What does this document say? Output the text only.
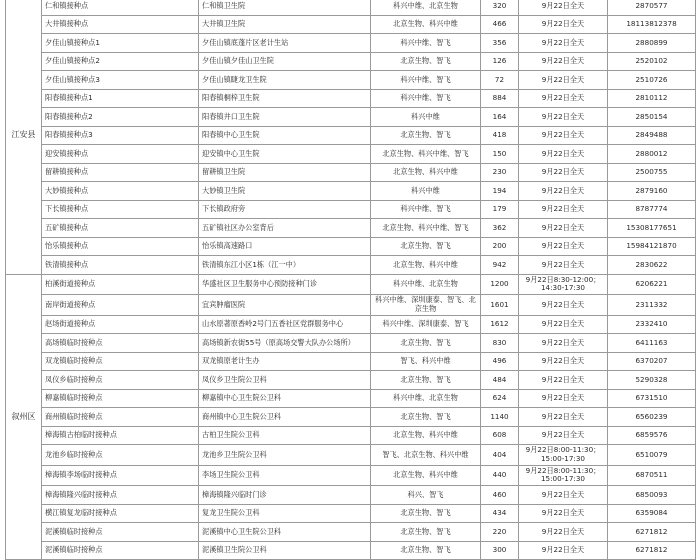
江安县	仁和镇接种点	仁和镇卫生院	科兴中维、北京生物	320	9月22日全天	2870577
	大井镇接种点	大井镇卫生院	北京生物、科兴中维	466	9月22日全天	18113812378
	夕佳山镇接种点1	夕佳山镇底蓬片区老计生站	科兴中维、智飞	356	9月22日全天	2880899
	夕佳山镇接种点2	夕佳山镇夕佳山卫生院	北京生物、智飞	126	9月22日全天	2520102
	夕佳山镇接种点3	夕佳山镇睫龙卫生院	科兴中维、智飞	72	9月22日全天	2510726
	阳春镇接种点1	阳春镇桐梓卫生院	科兴中维、智飞	884	9月22日全天	2810112
	阳春镇接种点2	阳春镇井口卫生院	科兴中维	164	9月22日全天	2850154
	阳春镇接种点3	阳春镇中心卫生院	北京生物、智飞	418	9月22日全天	2849488
	迎安镇接种点	迎安镇中心卫生院	北京生物、科兴中维、智飞	150	9月22日全天	2880012
	留耕镇接种点	留耕镇卫生院	北京生物、科兴中维	230	9月22日全天	2500755
	大妙镇接种点	大妙镇卫生院	科兴中维	194	9月22日全天	2879160
	下长镇接种点	下长镇政府旁	科兴中维、智飞	179	9月22日全天	8787774
	五矿镇接种点	五矿镇社区办公室背后	北京生物、科兴中维、智飞	362	9月22日全天	15308177651
	怡乐镇接种点	怡乐镇高速路口	北京生物、智飞	200	9月22日全天	15984121870
	铁清镇接种点	铁清镇东江小区1栋（江一中）	北京生物、科兴中维	942	9月22日全天	2830622
叙州区	柏溪街道接种点	华盛社区卫生服务中心预防接种门诊	科兴中维、北京生物	1200	9月22日8:30-12:00；14:30-17:30	6206221
	南岸街道接种点	宜宾肿瘤医院	科兴中维、深圳康泰、智飞、北京生物	1601	9月22日全天	2311332
	赵场街道接种点	山水原著原香岭2号门五香社区党群服务中心	科兴中维、深圳康泰、智飞	1612	9月22日全天	2332410
	高场镇临时接种点	高场镇新农街55号（原高场交警大队办公场所）	北京生物、智飞	830	9月22日全天	6411163
	双龙镇临时接种点	双龙镇原老计生办	智飞、科兴中维	496	9月22日全天	6370207
	凤仪乡临时接种点	凤仪乡卫生院公卫科	北京生物、智飞	484	9月22日全天	5290328
	柳嘉镇临时接种点	柳嘉镇中心卫生院公卫科	科兴中维、北京生物	624	9月22日全天	6731510
	商州镇临时接种点	商州镇中心卫生院公卫科	北京生物、智飞	1140	9月22日全天	6560239
	樟海镇古柏临时接种点	古柏卫生院公卫科	北京生物、科兴中维	608	9月22日全天	6859576
	龙池乡临时接种点	龙池乡卫生院公卫科	智飞、北京生物、科兴中维	404	9月22日8:00-11:30；15:00-17:30	6510079
	樟海镇李场临时接种点	李场卫生院公卫科	北京生物、科兴中维	440	9月22日8:00-11:30；15:00-17:30	6870511
	樟海镇隆兴临时接种点	樟海镇隆兴临时门诊	科兴、智飞	460	9月22日全天	6850093
	横江镇复龙临时接种点	复龙卫生院公卫科	北京生物、智飞	434	9月22日全天	6359084
	泥溪镇临时接种点	泥溪镇中心卫生院公卫科	北京生物、智飞	220	9月22日全天	6271812
	泥溪镇临时接种点	泥溪镇卫生院公卫科	北京生物、智飞	300	9月22日全天	6271812
